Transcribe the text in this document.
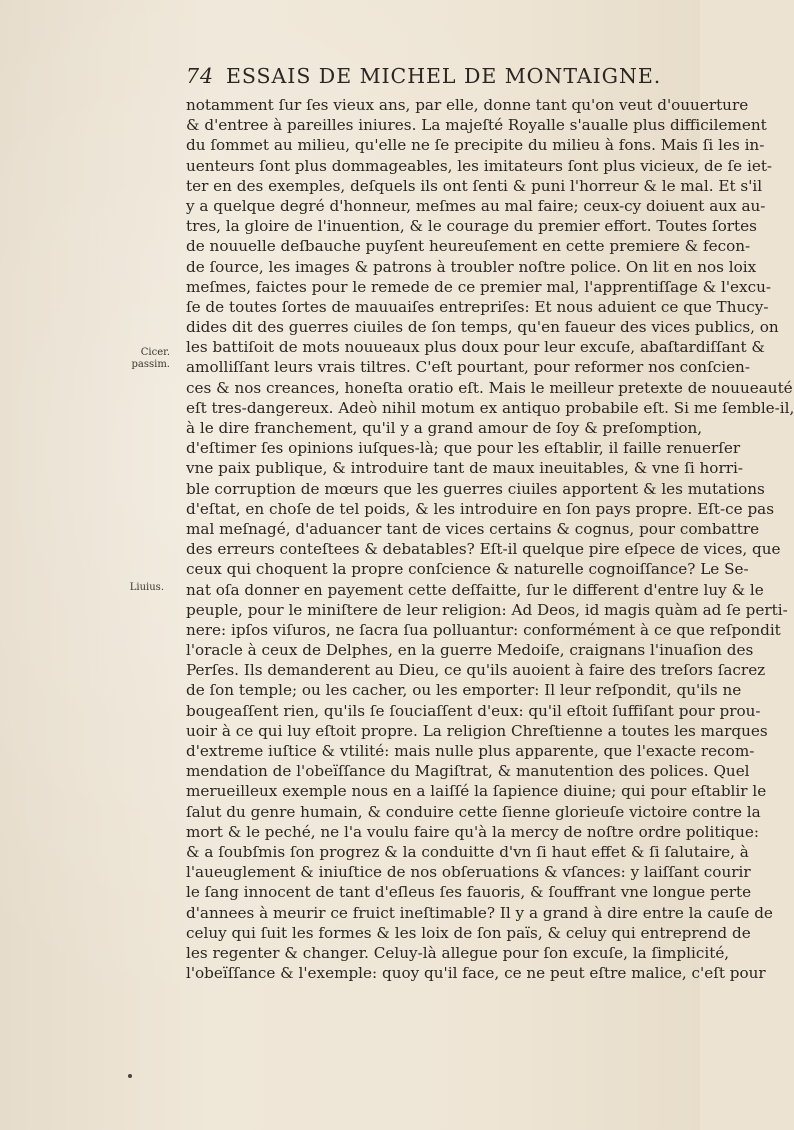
74 ESSAIS DE MICHEL DE MONTAIGNE.
Cicer. passim.
Liuius.
notamment ſur ſes vieux ans, par elle, donne tant qu'on veut d'ouuerture
& d'entree à pareilles iniures. La majeſté Royalle s'aualle plus difficilement
du ſommet au milieu, qu'elle ne ſe precipite du milieu à fons. Mais ſi les in-
uenteurs ſont plus dommageables, les imitateurs ſont plus vicieux, de ſe iet-
ter en des exemples, deſquels ils ont ſenti & puni l'horreur & le mal. Et s'il
y a quelque degré d'honneur, meſmes au mal faire; ceux-cy doiuent aux au-
tres, la gloire de l'inuention, & le courage du premier effort. Toutes ſortes
de nouuelle deſbauche puyſent heureuſement en cette premiere & fecon-
de ſource, les images & patrons à troubler noſtre police. On lit en nos loix
meſmes, faictes pour le remede de ce premier mal, l'apprentiſſage & l'excu-
ſe de toutes ſortes de mauuaiſes entrepriſes: Et nous aduient ce que Thucy-
dides dit des guerres ciuiles de ſon temps, qu'en faueur des vices publics, on
les battiſoit de mots nouueaux plus doux pour leur excuſe, abaſtardiſſant &
amolliſſant leurs vrais tiltres. C'eſt pourtant, pour reformer nos conſcien-
ces & nos creances, honeſta oratio eſt. Mais le meilleur pretexte de nouueauté
eſt tres-dangereux. Adeò nihil motum ex antiquo probabile eſt. Si me ſemble-il,
à le dire franchement, qu'il y a grand amour de ſoy & preſomption,
d'eſtimer ſes opinions iuſques-là; que pour les eſtablir, il faille renuerſer
vne paix publique, & introduire tant de maux ineuitables, & vne ſi horri-
ble corruption de mœurs que les guerres ciuiles apportent & les mutations
d'eſtat, en choſe de tel poids, & les introduire en ſon pays propre. Eſt-ce pas
mal meſnagé, d'aduancer tant de vices certains & cognus, pour combattre
des erreurs conteſtees & debatables? Eſt-il quelque pire eſpece de vices, que
ceux qui choquent la propre conſcience & naturelle cognoiſſance? Le Se-
nat oſa donner en payement cette deſfaitte, ſur le different d'entre luy & le
peuple, pour le miniſtere de leur religion: Ad Deos, id magis quàm ad ſe perti-
nere: ipſos viſuros, ne ſacra ſua polluantur: conformément à ce que reſpondit
l'oracle à ceux de Delphes, en la guerre Medoiſe, craignans l'inuaſion des
Perſes. Ils demanderent au Dieu, ce qu'ils auoient à faire des treſors ſacrez
de ſon temple; ou les cacher, ou les emporter: Il leur reſpondit, qu'ils ne
bougeaſſent rien, qu'ils ſe ſouciaſſent d'eux: qu'il eſtoit ſuffiſant pour prou-
uoir à ce qui luy eſtoit propre. La religion Chreſtienne a toutes les marques
d'extreme iuſtice & vtilité: mais nulle plus apparente, que l'exacte recom-
mendation de l'obeïſſance du Magiſtrat, & manutention des polices. Quel
merueilleux exemple nous en a laiſſé la ſapience diuine; qui pour eſtablir le
ſalut du genre humain, & conduire cette ſienne glorieuſe victoire contre la
mort & le peché, ne l'a voulu faire qu'à la mercy de noſtre ordre politique:
& a ſoubſmis ſon progrez & la conduitte d'vn ſi haut effet & ſi ſalutaire, à
l'aueuglement & iniuſtice de nos obſeruations & vſances: y laiſſant courir
le ſang innocent de tant d'eſleus ſes fauoris, & ſouffrant vne longue perte
d'annees à meurir ce fruict ineſtimable? Il y a grand à dire entre la cauſe de
celuy qui ſuit les formes & les loix de ſon païs, & celuy qui entreprend de
les regenter & changer. Celuy-là allegue pour ſon excuſe, la ſimplicité,
l'obeïſſance & l'exemple: quoy qu'il face, ce ne peut eſtre malice, c'eſt pour
